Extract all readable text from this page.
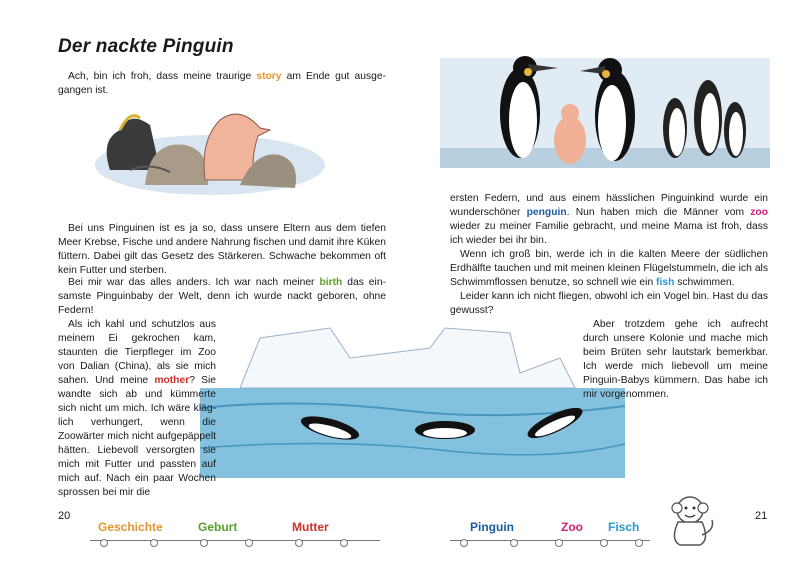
Der nackte Pinguin

Ach, bin ich froh, dass meine traurige story am Ende gut ausgegangen ist.

Bei uns Pinguinen ist es ja so, dass unsere Eltern aus dem tiefen Meer Krebse, Fische und andere Nahrung fischen und damit ihre Küken füttern. Dabei gilt das Gesetz des Stärkeren. Schwache bekommen oft kein Futter und sterben.

Bei mir war das alles anders. Ich war nach meiner birth das einsamste Pinguinbaby der Welt, denn ich wurde nackt geboren, ohne Federn!

Als ich kahl und schutzlos aus meinem Ei gekrochen kam, staunten die Tierpfleger im Zoo von Dalian (China), als sie mich sahen. Und meine mother? Sie wandte sich ab und kümmerte sich nicht um mich. Ich wäre kläglich verhungert, wenn die Zoowärter mich nicht aufgepäppelt hätten. Liebevoll versorgten sie mich mit Futter und passten auf mich auf. Nach ein paar Wochen sprossen bei mir die

ersten Federn, und aus einem hässlichen Pinguinkind wurde ein wunderschöner penguin. Nun haben mich die Männer vom zoo wieder zu meiner Familie gebracht, und meine Mama ist froh, dass ich wieder bei ihr bin.

Wenn ich groß bin, werde ich in die kalten Meere der südlichen Erdhälfte tauchen und mit meinen kleinen Flügelstummeln, die ich als Schwimmflossen benutze, so schnell wie ein fish schwimmen.

Leider kann ich nicht fliegen, obwohl ich ein Vogel bin. Hast du das gewusst?

Aber trotzdem gehe ich aufrecht durch unsere Kolonie und mache mich beim Brüten sehr lautstark bemerkbar. Ich werde mich liebevoll um meine Pinguin-Babys kümmern. Das habe ich mir vorgenommen.

20	21
Geschichte	Geburt	Mutter	Pinguin	Zoo Fisch
